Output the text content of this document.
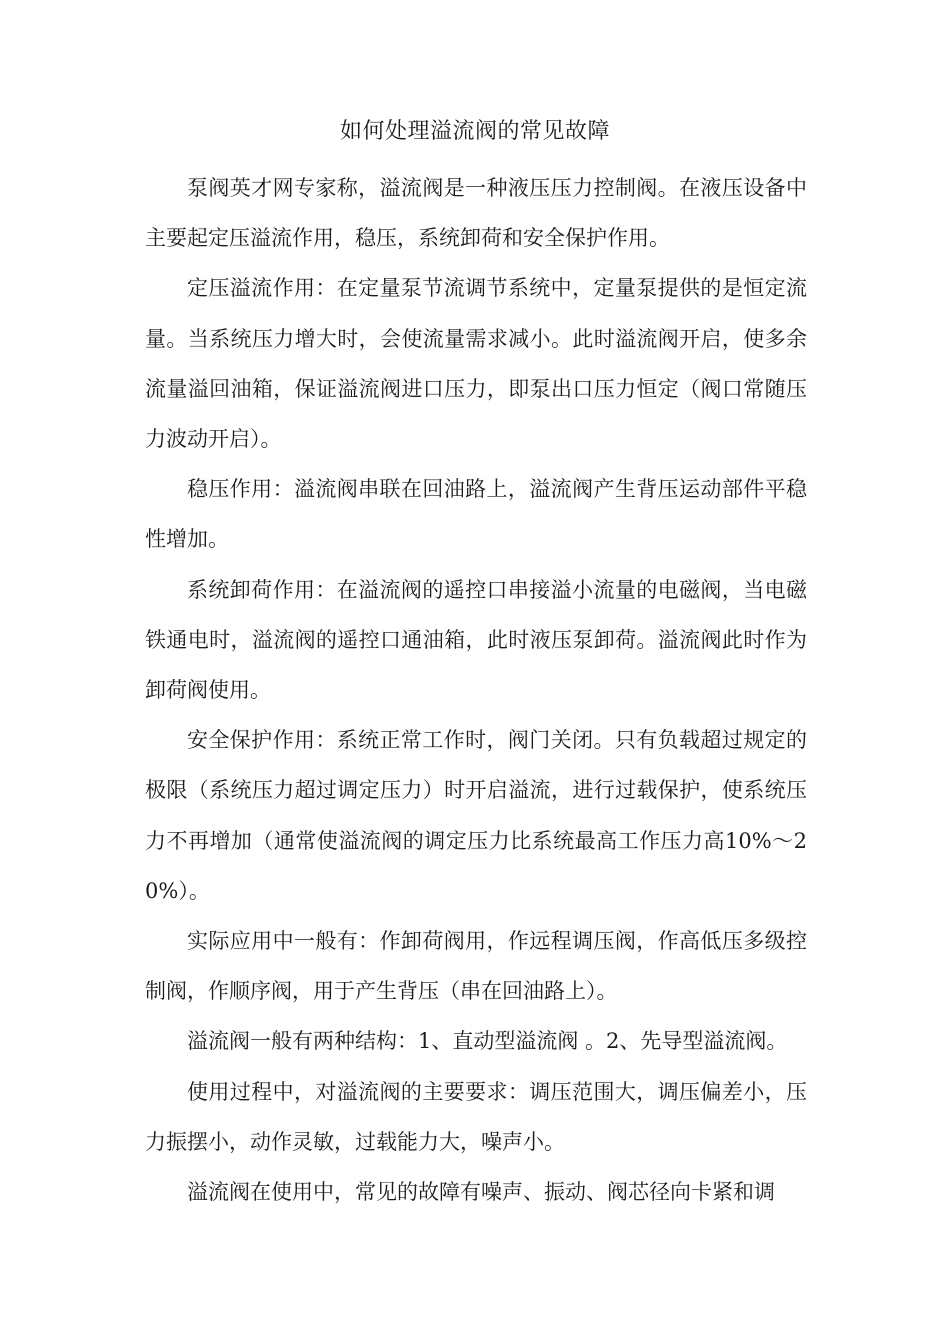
如何处理溢流阀的常见故障

泵阀英才网专家称，溢流阀是一种液压压力控制阀。在液压设备中主要起定压溢流作用，稳压，系统卸荷和安全保护作用。

定压溢流作用：在定量泵节流调节系统中，定量泵提供的是恒定流量。当系统压力增大时，会使流量需求减小。此时溢流阀开启，使多余流量溢回油箱，保证溢流阀进口压力，即泵出口压力恒定（阀口常随压力波动开启）。

稳压作用：溢流阀串联在回油路上，溢流阀产生背压运动部件平稳性增加。

系统卸荷作用：在溢流阀的遥控口串接溢小流量的电磁阀，当电磁铁通电时，溢流阀的遥控口通油箱，此时液压泵卸荷。溢流阀此时作为卸荷阀使用。

安全保护作用：系统正常工作时，阀门关闭。只有负载超过规定的极限（系统压力超过调定压力）时开启溢流，进行过载保护，使系统压力不再增加（通常使溢流阀的调定压力比系统最高工作压力高10%～20%）。

实际应用中一般有：作卸荷阀用，作远程调压阀，作高低压多级控制阀，作顺序阀，用于产生背压（串在回油路上）。

溢流阀一般有两种结构：1、直动型溢流阀 。2、先导型溢流阀。

使用过程中，对溢流阀的主要要求：调压范围大，调压偏差小，压力振摆小，动作灵敏，过载能力大，噪声小。

溢流阀在使用中，常见的故障有噪声、振动、阀芯径向卡紧和调
